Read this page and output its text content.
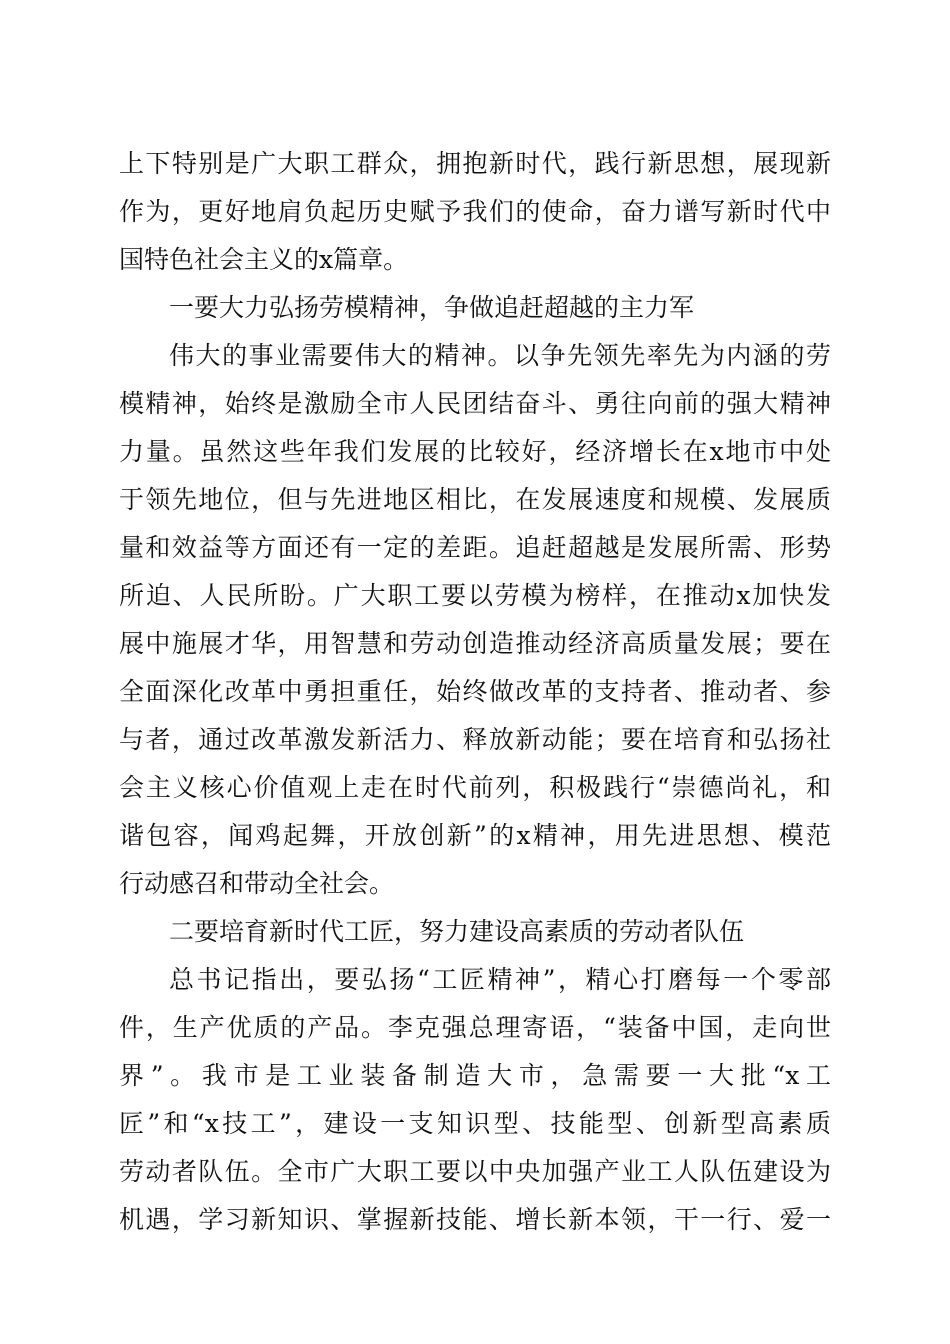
上下特别是广大职工群众，拥抱新时代，践行新思想，展现新
作为，更好地肩负起历史赋予我们的使命，奋力谱写新时代中
国特色社会主义的x篇章。
一要大力弘扬劳模精神，争做追赶超越的主力军
伟大的事业需要伟大的精神。以争先领先率先为内涵的劳
模精神，始终是激励全市人民团结奋斗、勇往向前的强大精神
力量。虽然这些年我们发展的比较好，经济增长在x地市中处
于领先地位，但与先进地区相比，在发展速度和规模、发展质
量和效益等方面还有一定的差距。追赶超越是发展所需、形势
所迫、人民所盼。广大职工要以劳模为榜样，在推动x加快发
展中施展才华，用智慧和劳动创造推动经济高质量发展；要在
全面深化改革中勇担重任，始终做改革的支持者、推动者、参
与者，通过改革激发新活力、释放新动能；要在培育和弘扬社
会主义核心价值观上走在时代前列，积极践行“崇德尚礼，和
谐包容，闻鸡起舞，开放创新”的x精神，用先进思想、模范
行动感召和带动全社会。
二要培育新时代工匠，努力建设高素质的劳动者队伍
总书记指出，要弘扬“工匠精神”，精心打磨每一个零部
件，生产优质的产品。李克强总理寄语，“装备中国，走向世
界”。我市是工业装备制造大市，急需要一大批“x工
匠”和“x技工”，建设一支知识型、技能型、创新型高素质
劳动者队伍。全市广大职工要以中央加强产业工人队伍建设为
机遇，学习新知识、掌握新技能、增长新本领，干一行、爱一
